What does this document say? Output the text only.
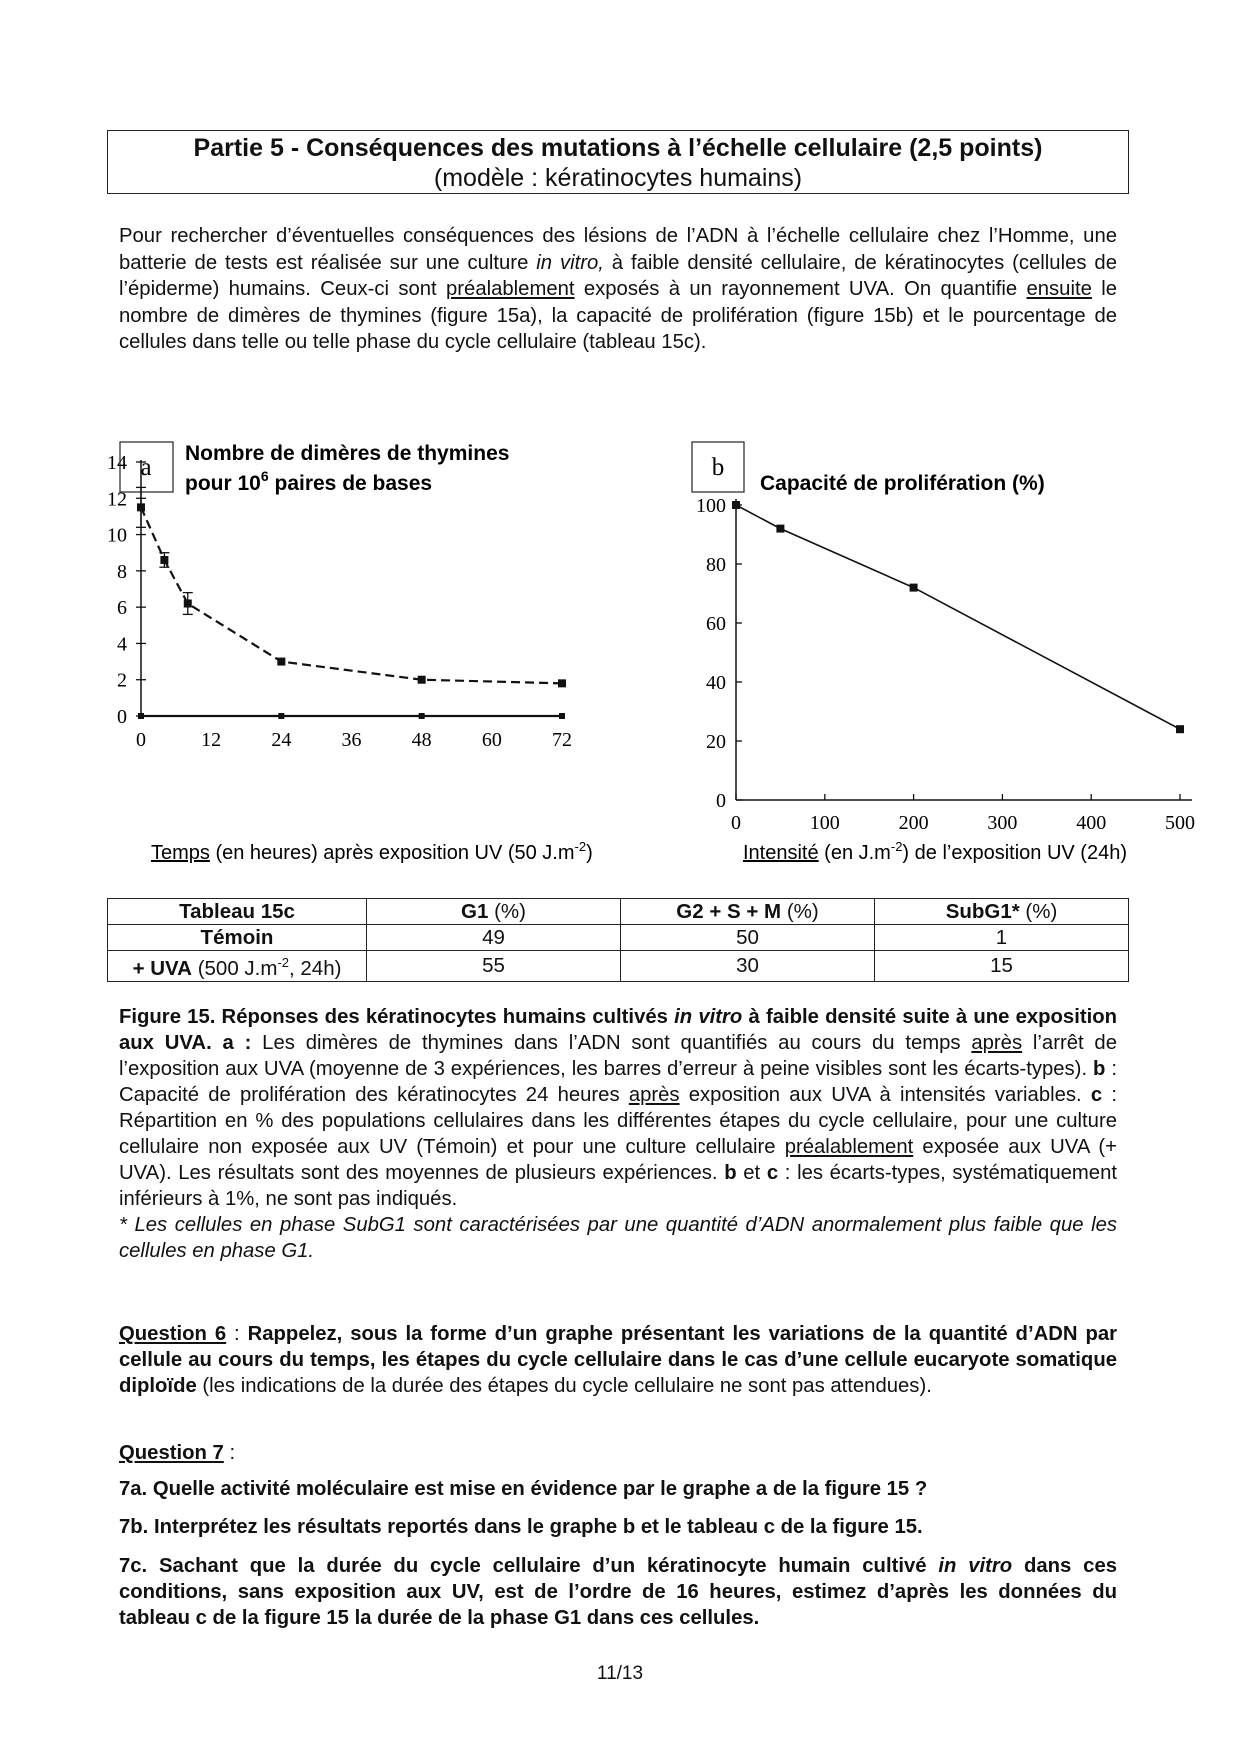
Partie 5 - Conséquences des mutations à l’échelle cellulaire (2,5 points)
(modèle : kératinocytes humains)

Pour rechercher d’éventuelles conséquences des lésions de l’ADN à l’échelle cellulaire chez l’Homme, une batterie de tests est réalisée sur une culture in vitro, à faible densité cellulaire, de kératinocytes (cellules de l’épiderme) humains. Ceux-ci sont préalablement exposés à un rayonnement UVA. On quantifie ensuite le nombre de dimères de thymines (figure 15a), la capacité de prolifération (figure 15b) et le pourcentage de cellules dans telle ou telle phase du cycle cellulaire (tableau 15c).

a
Nombre de dimères de thymines
pour $10^6$ paires de bases
0
2
4
6
8
10
12
14
0	12	24	36	48	60	72
Temps (en heures) après exposition UV (50 $J.m^{-2}$)
b
Capacité de prolifération (%)
0
20
40
60
80
100
0	100	200	300	400	500
Intensité (en $J.m^{-2}$) de l’exposition UV (24h)
Tableau 15c	G1 (%)	G2 + S + M (%)	SubG1* (%)
Témoin	49	50	1
+ UVA (500 $J.m^{-2}$, 24h)	55	30	15

Figure 15. Réponses des kératinocytes humains cultivés in vitro à faible densité suite à une exposition aux UVA. a : Les dimères de thymines dans l’ADN sont quantifiés au cours du temps après l’arrêt de l’exposition aux UVA (moyenne de 3 expériences, les barres d’erreur à peine visibles sont les écarts-types). b : Capacité de prolifération des kératinocytes 24 heures après exposition aux UVA à intensités variables. c : Répartition en % des populations cellulaires dans les différentes étapes du cycle cellulaire, pour une culture cellulaire non exposée aux UV (Témoin) et pour une culture cellulaire préalablement exposée aux UVA (+ UVA). Les résultats sont des moyennes de plusieurs expériences. b et c : les écarts-types, systématiquement inférieurs à 1%, ne sont pas indiqués.

* Les cellules en phase SubG1 sont caractérisées par une quantité d’ADN anormalement plus faible que les cellules en phase G1.

Question 6 : Rappelez, sous la forme d’un graphe présentant les variations de la quantité d’ADN par cellule au cours du temps, les étapes du cycle cellulaire dans le cas d’une cellule eucaryote somatique diploïde (les indications de la durée des étapes du cycle cellulaire ne sont pas attendues).
Question 7 :
7a. Quelle activité moléculaire est mise en évidence par le graphe a de la figure 15 ?
7b. Interprétez les résultats reportés dans le graphe b et le tableau c de la figure 15.
7c. Sachant que la durée du cycle cellulaire d’un kératinocyte humain cultivé in vitro dans ces conditions, sans exposition aux UV, est de l’ordre de 16 heures, estimez d’après les données du tableau c de la figure 15 la durée de la phase G1 dans ces cellules.
11/13
